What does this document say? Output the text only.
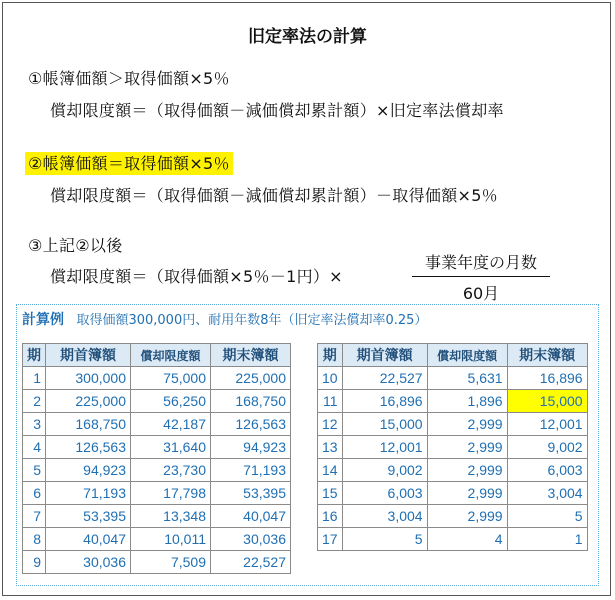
旧定率法の計算
①帳簿価額＞取得価額×5％
償却限度額＝（取得価額－減価償却累計額）×旧定率法償却率
②帳簿価額＝取得価額×5％
償却限度額＝（取得価額－減価償却累計額）－取得価額×5％
③上記②以後
償却限度額＝（取得価額×5％－1円）×
事業年度の月数
60月
計算例 取得価額300,000円、耐用年数8年（旧定率法償却率0.25）
期	期首簿額	償却限度額	期末簿額
1	300,000	75,000	225,000
2	225,000	56,250	168,750
3	168,750	42,187	126,563
4	126,563	31,640	94,923
5	94,923	23,730	71,193
6	71,193	17,798	53,395
7	53,395	13,348	40,047
8	40,047	10,011	30,036
9	30,036	7,509	22,527
期	期首簿額	償却限度額	期末簿額
10	22,527	5,631	16,896
11	16,896	1,896	15,000
12	15,000	2,999	12,001
13	12,001	2,999	9,002
14	9,002	2,999	6,003
15	6,003	2,999	3,004
16	3,004	2,999	5
17	5	4	1
